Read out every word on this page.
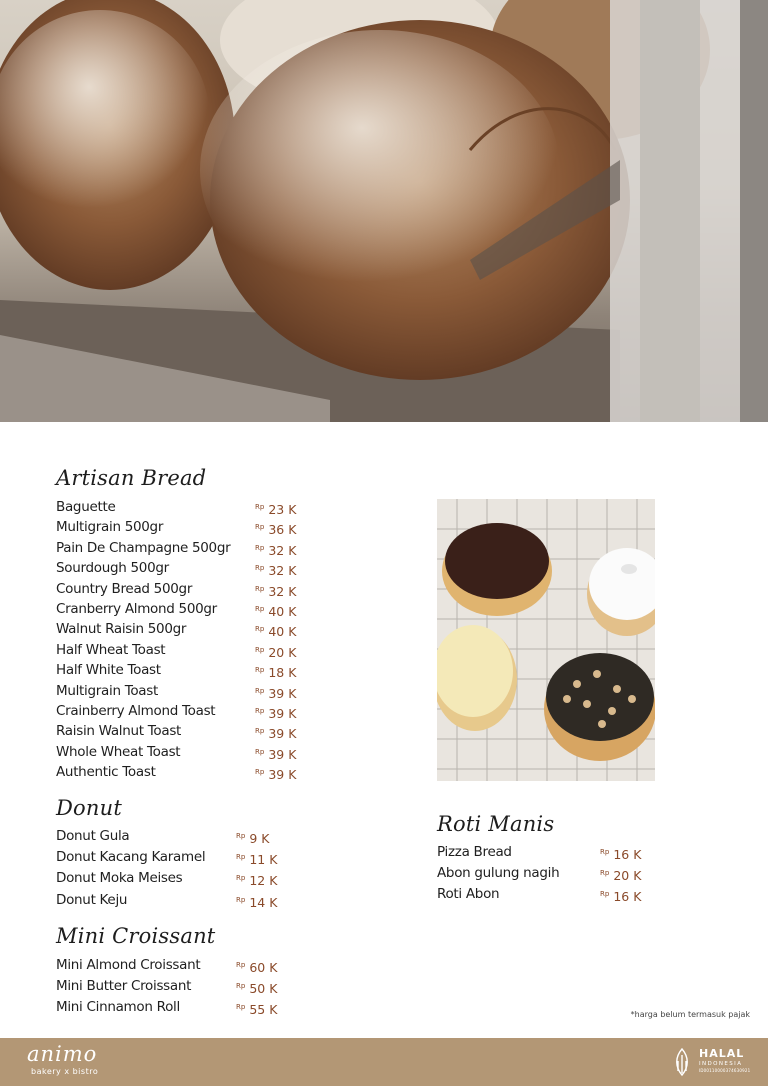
Artisan Bread
Baguette	$^{Rp}$ 23 K
Multigrain 500gr	$^{Rp}$ 36 K
Pain De Champagne 500gr	$^{Rp}$ 32 K
Sourdough 500gr	$^{Rp}$ 32 K
Country Bread 500gr	$^{Rp}$ 32 K
Cranberry Almond 500gr	$^{Rp}$ 40 K
Walnut Raisin 500gr	$^{Rp}$ 40 K
Half Wheat Toast	$^{Rp}$ 20 K
Half White Toast	$^{Rp}$ 18 K
Multigrain Toast	$^{Rp}$ 39 K
Crainberry Almond Toast	$^{Rp}$ 39 K
Raisin Walnut Toast	$^{Rp}$ 39 K
Whole Wheat Toast	$^{Rp}$ 39 K
Authentic Toast	$^{Rp}$ 39 K
Donut
Donut Gula	$^{Rp}$ 9 K
Donut Kacang Karamel	$^{Rp}$ 11 K
Donut Moka Meises	$^{Rp}$ 12 K
Donut Keju	$^{Rp}$ 14 K
Mini Croissant
Mini Almond Croissant	$^{Rp}$ 60 K
Mini Butter Croissant	$^{Rp}$ 50 K
Mini Cinnamon Roll	$^{Rp}$ 55 K
Roti Manis
Pizza Bread	$^{Rp}$ 16 K
Abon gulung nagih	$^{Rp}$ 20 K
Roti Abon	$^{Rp}$ 16 K
*harga belum termasuk pajak
animo
bakery x bistro
HALAL
INDONESIA
ID00110000374630921
